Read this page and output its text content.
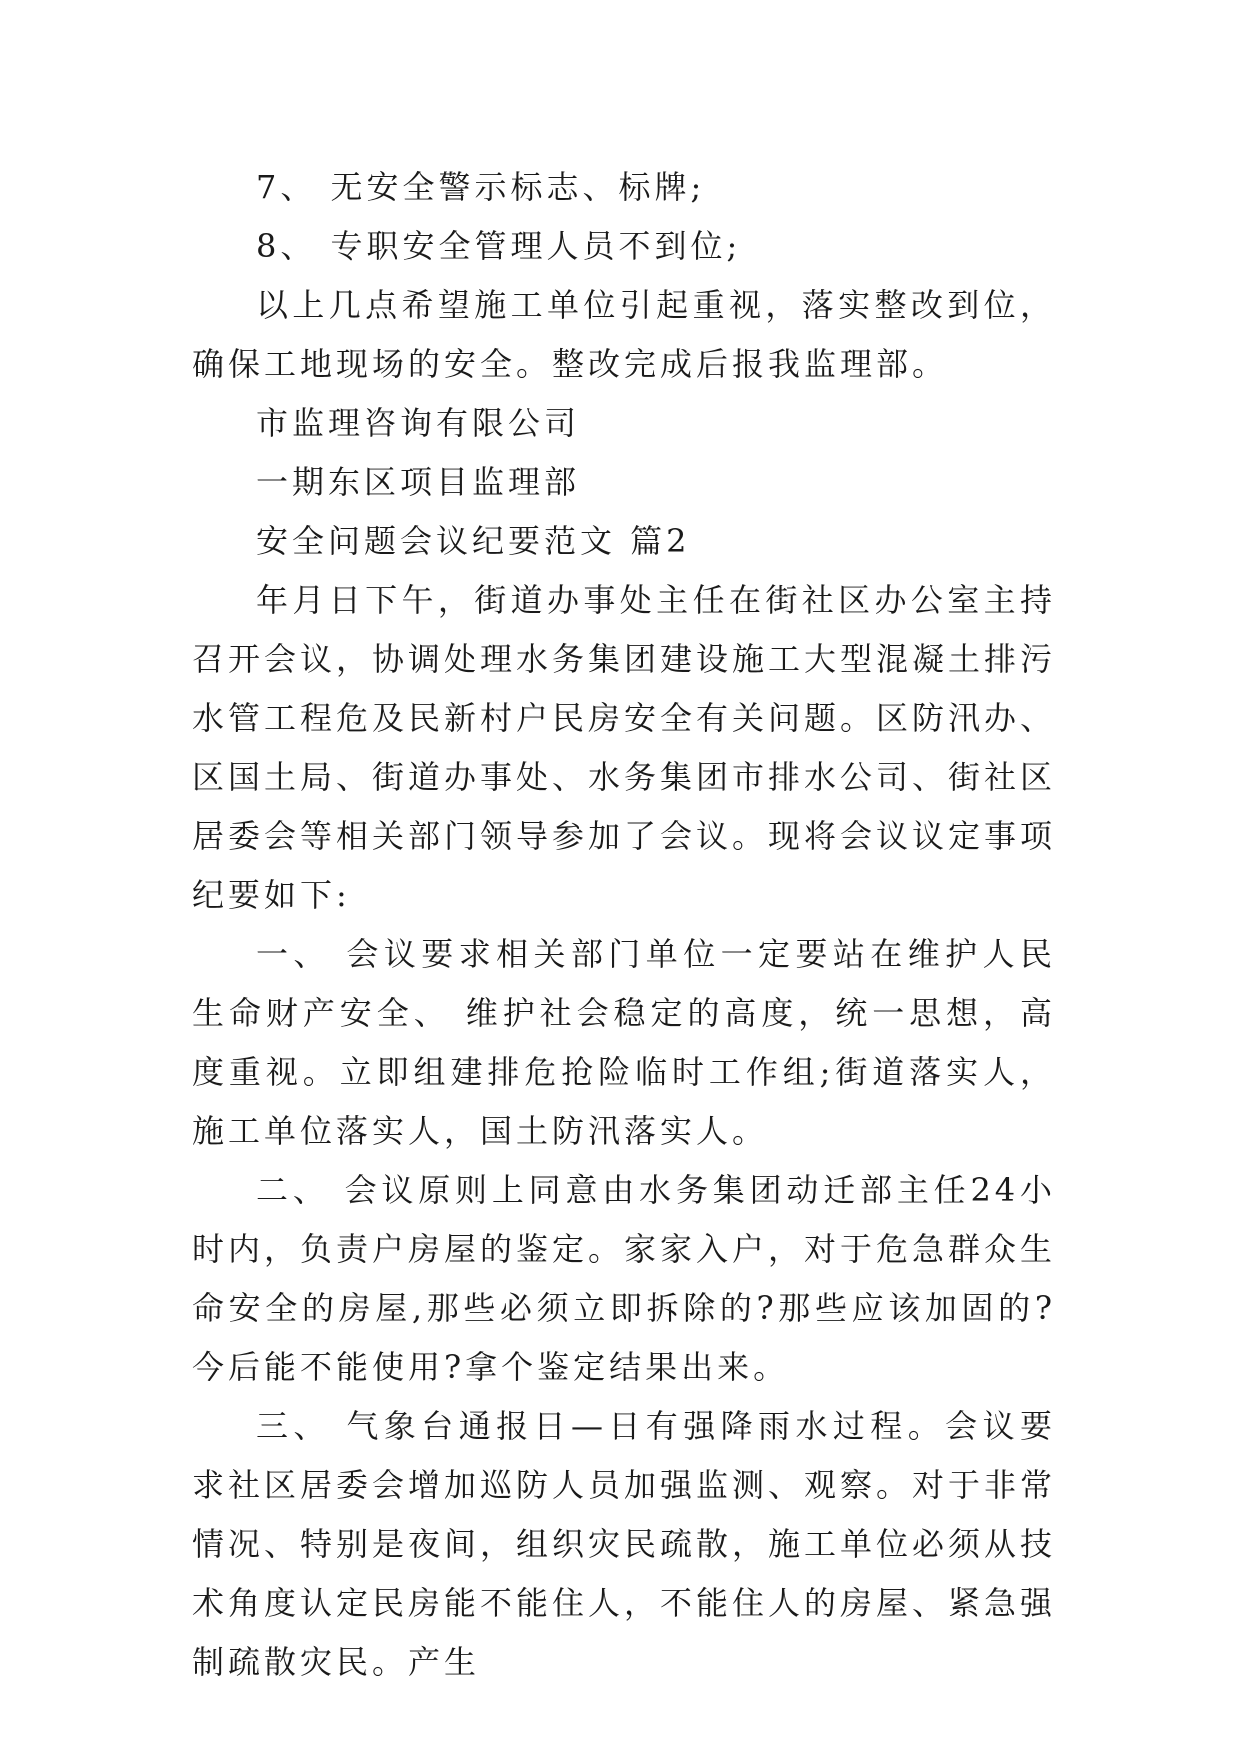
7、 无安全警示标志、标牌;

8、 专职安全管理人员不到位;

以上几点希望施工单位引起重视，落实整改到位，确保工地现场的安全。整改完成后报我监理部。

市监理咨询有限公司

一期东区项目监理部

安全问题会议纪要范文 篇2

年月日下午，街道办事处主任在街社区办公室主持召开会议，协调处理水务集团建设施工大型混凝土排污水管工程危及民新村户民房安全有关问题。区防汛办、区国土局、街道办事处、水务集团市排水公司、街社区居委会等相关部门领导参加了会议。现将会议议定事项纪要如下:

一、 会议要求相关部门单位一定要站在维护人民生命财产安全、 维护社会稳定的高度，统一思想，高度重视。立即组建排危抢险临时工作组;街道落实人，施工单位落实人，国土防汛落实人。

二、 会议原则上同意由水务集团动迁部主任24小时内，负责户房屋的鉴定。家家入户，对于危急群众生命安全的房屋,那些必须立即拆除的?那些应该加固的?今后能不能使用?拿个鉴定结果出来。

三、 气象台通报日—日有强降雨水过程。会议要求社区居委会增加巡防人员加强监测、观察。对于非常情况、特别是夜间，组织灾民疏散，施工单位必须从技术角度认定民房能不能住人，不能住人的房屋、紧急强制疏散灾民。产生
